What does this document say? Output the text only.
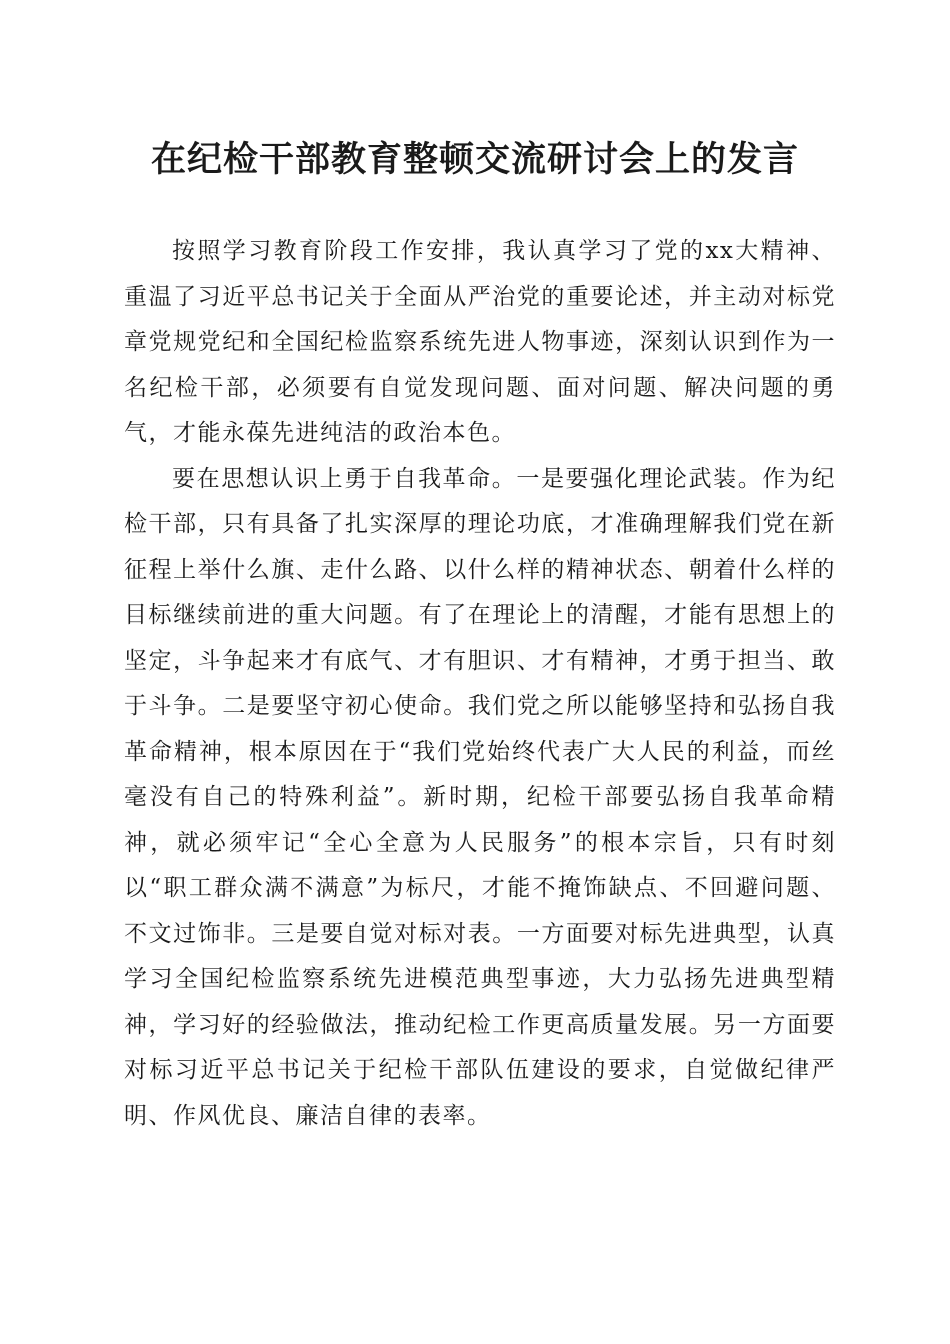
在纪检干部教育整顿交流研讨会上的发言

按照学习教育阶段工作安排，我认真学习了党的xx大精神、重温了习近平总书记关于全面从严治党的重要论述，并主动对标党章党规党纪和全国纪检监察系统先进人物事迹，深刻认识到作为一名纪检干部，必须要有自觉发现问题、面对问题、解决问题的勇气，才能永葆先进纯洁的政治本色。

要在思想认识上勇于自我革命。一是要强化理论武装。作为纪检干部，只有具备了扎实深厚的理论功底，才准确理解我们党在新征程上举什么旗、走什么路、以什么样的精神状态、朝着什么样的目标继续前进的重大问题。有了在理论上的清醒，才能有思想上的坚定，斗争起来才有底气、才有胆识、才有精神，才勇于担当、敢于斗争。二是要坚守初心使命。我们党之所以能够坚持和弘扬自我革命精神，根本原因在于“我们党始终代表广大人民的利益，而丝毫没有自己的特殊利益”。新时期，纪检干部要弘扬自我革命精神，就必须牢记“全心全意为人民服务”的根本宗旨，只有时刻以“职工群众满不满意”为标尺，才能不掩饰缺点、不回避问题、不文过饰非。三是要自觉对标对表。一方面要对标先进典型，认真学习全国纪检监察系统先进模范典型事迹，大力弘扬先进典型精神，学习好的经验做法，推动纪检工作更高质量发展。另一方面要对标习近平总书记关于纪检干部队伍建设的要求，自觉做纪律严明、作风优良、廉洁自律的表率。
